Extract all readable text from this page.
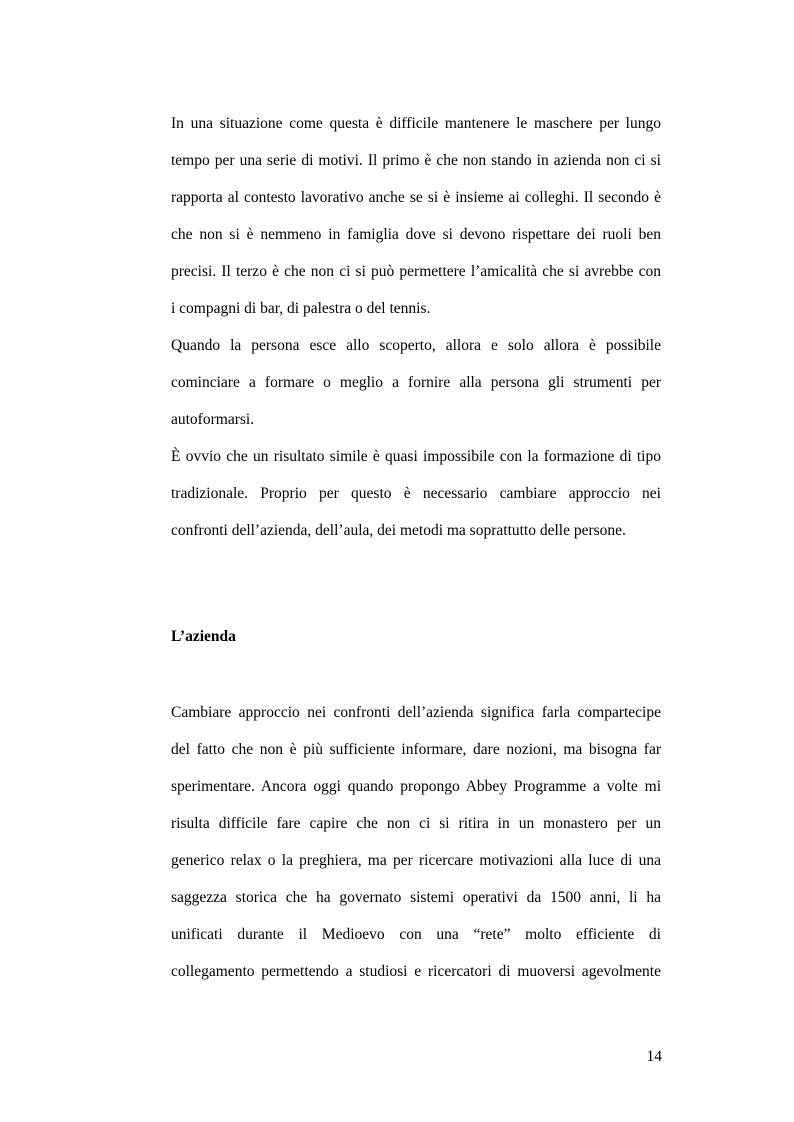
In una situazione come questa è difficile mantenere le maschere per lungo
tempo per una serie di motivi. Il primo è che non stando in azienda non ci si
rapporta al contesto lavorativo anche se si è insieme ai colleghi. Il secondo è
che non si è nemmeno in famiglia dove si devono rispettare dei ruoli ben
precisi. Il terzo è che non ci si può permettere l’amicalità che si avrebbe con
i compagni di bar, di palestra o del tennis.
Quando la persona esce allo scoperto, allora e solo allora è possibile
cominciare a formare o meglio a fornire alla persona gli strumenti per
autoformarsi.
È ovvio che un risultato simile è quasi impossibile con la formazione di tipo
tradizionale. Proprio per questo è necessario cambiare approccio nei
confronti dell’azienda, dell’aula, dei metodi ma soprattutto delle persone.
L’azienda
Cambiare approccio nei confronti dell’azienda significa farla compartecipe
del fatto che non è più sufficiente informare, dare nozioni, ma bisogna far
sperimentare. Ancora oggi quando propongo Abbey Programme a volte mi
risulta difficile fare capire che non ci si ritira in un monastero per un
generico relax o la preghiera, ma per ricercare motivazioni alla luce di una
saggezza storica che ha governato sistemi operativi da 1500 anni, li ha
unificati durante il Medioevo con una “rete” molto efficiente di
collegamento permettendo a studiosi e ricercatori di muoversi agevolmente
14
